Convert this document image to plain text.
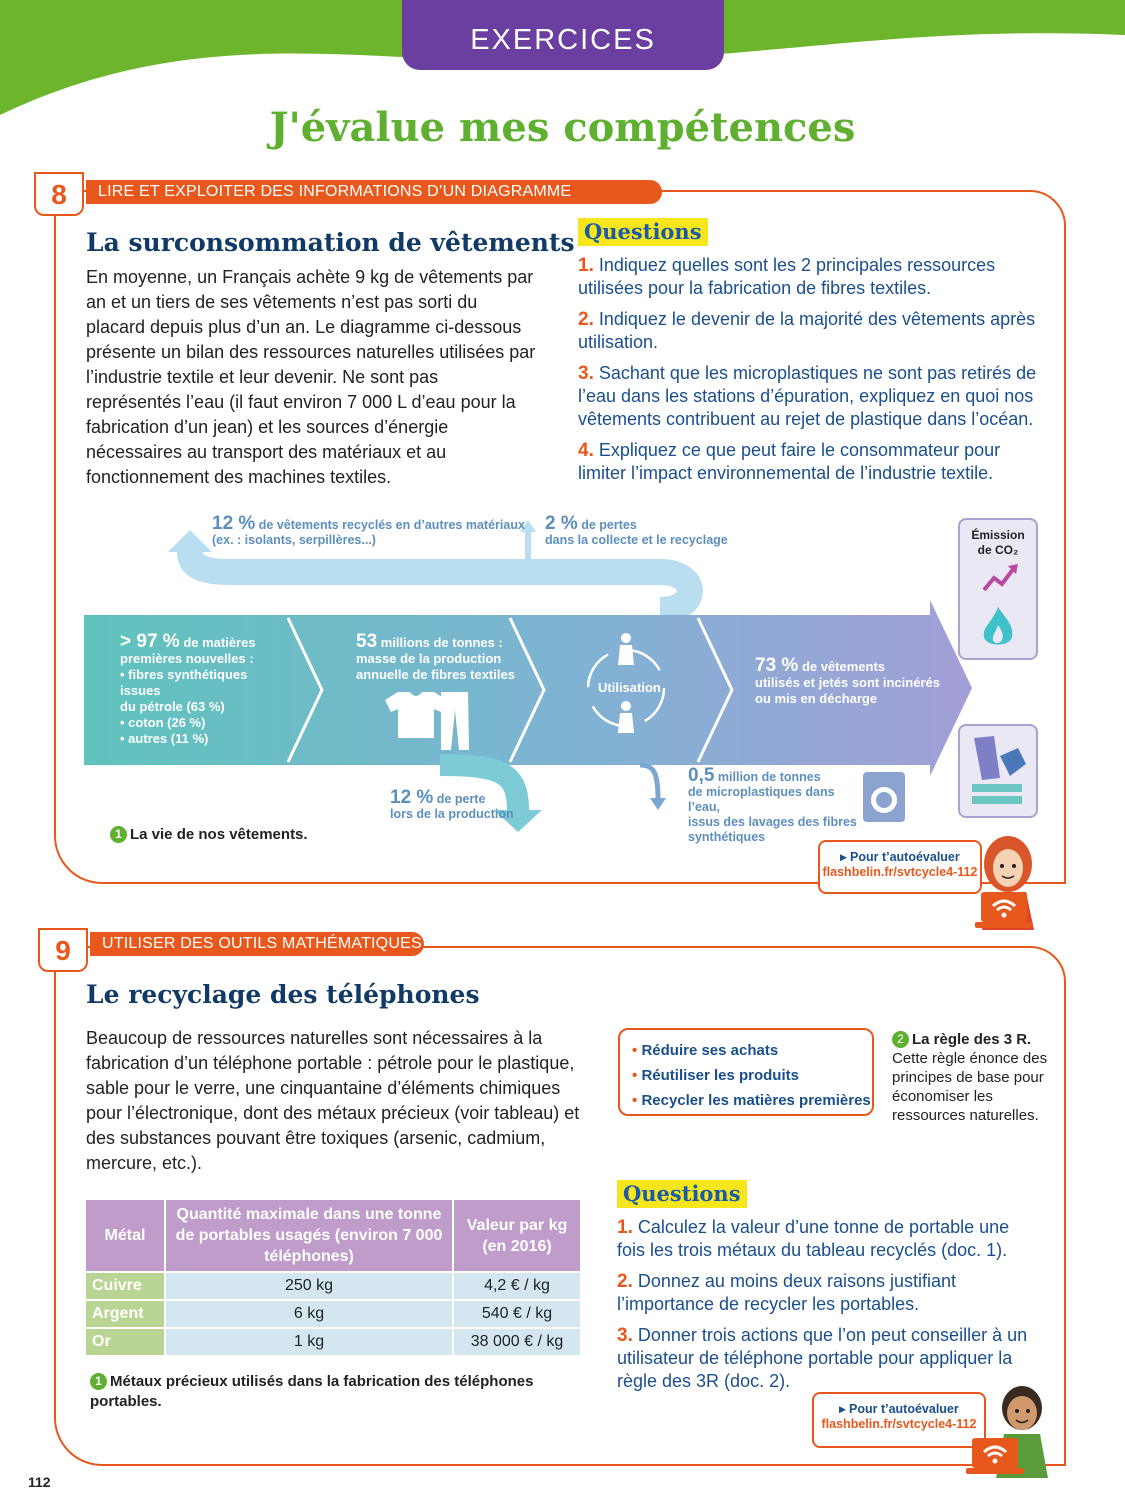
EXERCICES
J'évalue mes compétences
8	LIRE ET EXPLOITER DES INFORMATIONS D’UN DIAGRAMME COMPLEXE
La surconsommation de vêtements
En moyenne, un Français achète 9 kg de vêtements par an et un tiers de ses vêtements n’est pas sorti du placard depuis plus d’un an. Le diagramme ci-dessous présente un bilan des ressources naturelles utilisées par l’industrie textile et leur devenir. Ne sont pas représentés l’eau (il faut environ 7 000 L d’eau pour la fabrication d’un jean) et les sources d’énergie nécessaires au transport des matériaux et au fonctionnement des machines textiles.
Questions
1. Indiquez quelles sont les 2 principales ressources utilisées pour la fabrication de fibres textiles.
2. Indiquez le devenir de la majorité des vêtements après utilisation.
3. Sachant que les microplastiques ne sont pas retirés de l’eau dans les stations d’épuration, expliquez en quoi nos vêtements contribuent au rejet de plastique dans l’océan.
4. Expliquez ce que peut faire le consommateur pour limiter l’impact environnemental de l’industrie textile.
12 % de vêtements recyclés en d’autres matériaux
(ex. : isolants, serpillères...)
2 % de pertes
dans la collecte et le recyclage
> 97 % de matières
premières nouvelles :
• fibres synthétiques issues
du pétrole (63 %)
• coton (26 %)
• autres (11 %)
53 millions de tonnes :
masse de la production
annuelle de fibres textiles
Utilisation
73 % de vêtements
utilisés et jetés sont incinérés
ou mis en décharge
12 % de perte
lors de la production
0,5 million de tonnes
de microplastiques dans l’eau,
issus des lavages des fibres
synthétiques
Émission
de CO₂

1 La vie de nos vêtements.
▸ Pour t’autoévaluer
flashbelin.fr/svtcycle4-112
9	UTILISER DES OUTILS MATHÉMATIQUES
Le recyclage des téléphones
Beaucoup de ressources naturelles sont nécessaires à la fabrication d’un téléphone portable : pétrole pour le plastique, sable pour le verre, une cinquantaine d’éléments chimiques pour l’électronique, dont des métaux précieux (voir tableau) et des substances pouvant être toxiques (arsenic, cadmium, mercure, etc.).
Métal	Quantité maximale dans une tonne de portables usagés (environ 7 000 téléphones)	Valeur par kg (en 2016)
Cuivre	250 kg	4,2 € / kg
Argent	6 kg	540 € / kg
Or	1 kg	38 000 € / kg
1 Métaux précieux utilisés dans la fabrication des téléphones portables.
• Réduire ses achats
• Réutiliser les produits
• Recycler les matières premières
2 La règle des 3 R. Cette règle énonce des principes de base pour économiser les ressources naturelles.
Questions
1. Calculez la valeur d’une tonne de portable une fois les trois métaux du tableau recyclés (doc. 1).
2. Donnez au moins deux raisons justifiant l’importance de recycler les portables.
3. Donner trois actions que l’on peut conseiller à un utilisateur de téléphone portable pour appliquer la règle des 3R (doc. 2).
▸ Pour t’autoévaluer
flashbelin.fr/svtcycle4-112
112
